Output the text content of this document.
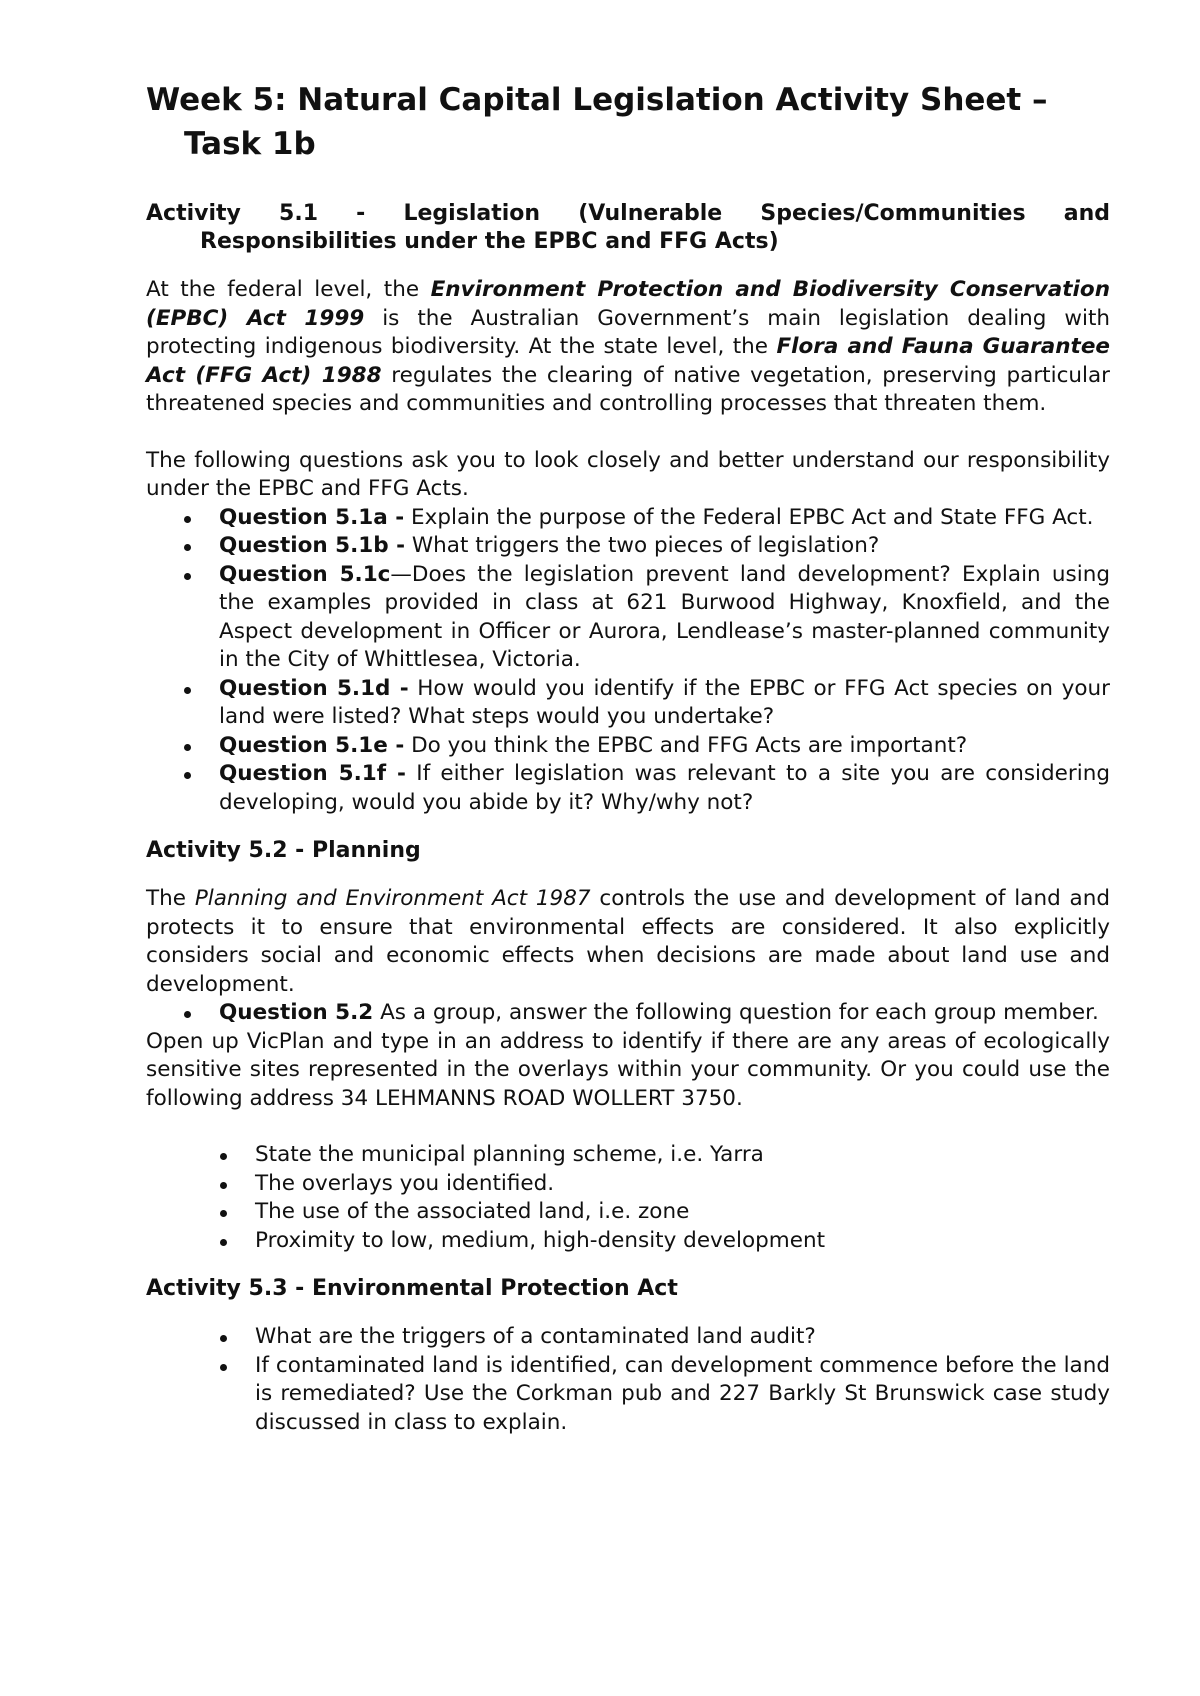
Week 5: Natural Capital Legislation Activity Sheet – Task 1b
Activity 5.1 - Legislation (Vulnerable Species/Communities and Responsibilities under the EPBC and FFG Acts)

At the federal level, the Environment Protection and Biodiversity Conservation (EPBC) Act 1999 is the Australian Government’s main legislation dealing with protecting indigenous biodiversity. At the state level, the Flora and Fauna Guarantee Act (FFG Act) 1988 regulates the clearing of native vegetation, preserving particular threatened species and communities and controlling processes that threaten them.

The following questions ask you to look closely and better understand our responsibility under the EPBC and FFG Acts.

Question 5.1a - Explain the purpose of the Federal EPBC Act and State FFG Act.
Question 5.1b - What triggers the two pieces of legislation?
Question 5.1c—Does the legislation prevent land development? Explain using the examples provided in class at 621 Burwood Highway, Knoxfield, and the Aspect development in Officer or Aurora, Lendlease’s master-planned community in the City of Whittlesea, Victoria.
Question 5.1d - How would you identify if the EPBC or FFG Act species on your land were listed? What steps would you undertake?
Question 5.1e - Do you think the EPBC and FFG Acts are important?
Question 5.1f - If either legislation was relevant to a site you are considering developing, would you abide by it? Why/why not?
Activity 5.2 - Planning

The Planning and Environment Act 1987 controls the use and development of land and protects it to ensure that environmental effects are considered. It also explicitly considers social and economic effects when decisions are made about land use and development.

Question 5.2 As a group, answer the following question for each group member.

Open up VicPlan and type in an address to identify if there are any areas of ecologically sensitive sites represented in the overlays within your community. Or you could use the following address 34 LEHMANNS ROAD WOLLERT 3750.

State the municipal planning scheme, i.e. Yarra
The overlays you identified.
The use of the associated land, i.e. zone
Proximity to low, medium, high-density development
Activity 5.3 - Environmental Protection Act
What are the triggers of a contaminated land audit?
If contaminated land is identified, can development commence before the land is remediated? Use the Corkman pub and 227 Barkly St Brunswick case study discussed in class to explain.
